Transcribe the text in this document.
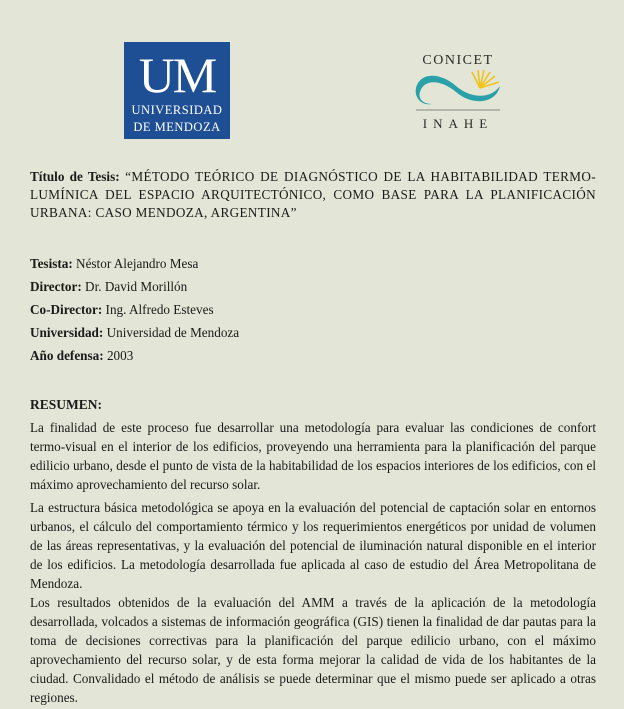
UM
UNIVERSIDAD
DE MENDOZA
CONICET
INAHE
Título de Tesis: “MÉTODO TEÓRICO DE DIAGNÓSTICO DE LA HABITABILIDAD TERMO-LUMÍNICA DEL ESPACIO ARQUITECTÓNICO, COMO BASE PARA LA PLANIFICACIÓN URBANA: CASO MENDOZA, ARGENTINA”
Tesista: Néstor Alejandro Mesa
Director: Dr. David Morillón
Co-Director: Ing. Alfredo Esteves
Universidad: Universidad de Mendoza
Año defensa: 2003
RESUMEN:

La finalidad de este proceso fue desarrollar una metodología para evaluar las condiciones de confort termo-visual en el interior de los edificios, proveyendo una herramienta para la planificación del parque edilicio urbano, desde el punto de vista de la habitabilidad de los espacios interiores de los edificios, con el máximo aprovechamiento del recurso solar.

La estructura básica metodológica se apoya en la evaluación del potencial de captación solar en entornos urbanos, el cálculo del comportamiento térmico y los requerimientos energéticos por unidad de volumen de las áreas representativas, y la evaluación del potencial de iluminación natural disponible en el interior de los edificios. La metodología desarrollada fue aplicada al caso de estudio del Área Metropolitana de Mendoza.

Los resultados obtenidos de la evaluación del AMM a través de la aplicación de la metodología desarrollada, volcados a sistemas de información geográfica (GIS) tienen la finalidad de dar pautas para la toma de decisiones correctivas para la planificación del parque edilicio urbano, con el máximo aprovechamiento del recurso solar, y de esta forma mejorar la calidad de vida de los habitantes de la ciudad. Convalidado el método de análisis se puede determinar que el mismo puede ser aplicado a otras regiones.
